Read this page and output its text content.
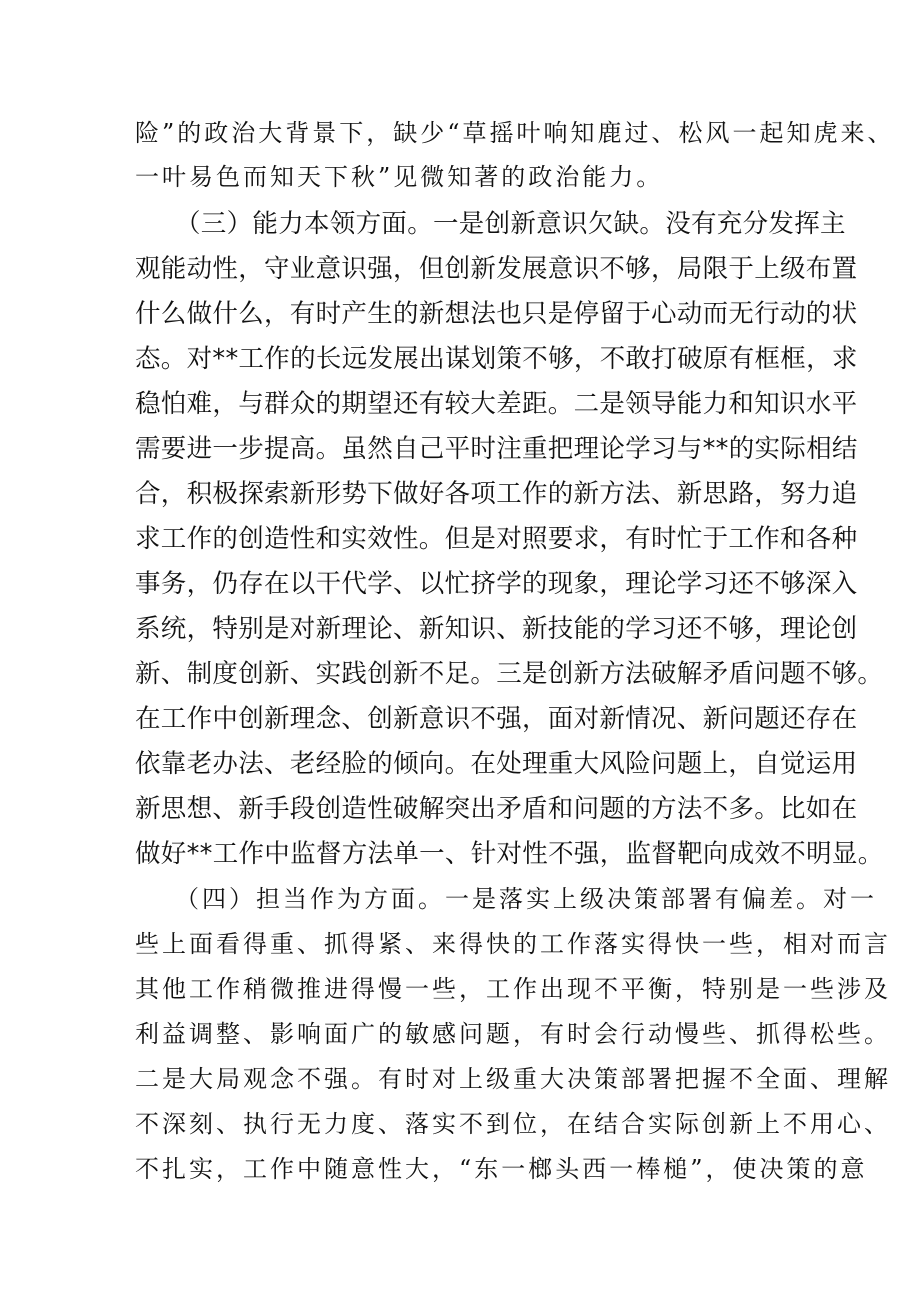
险”的政治大背景下，缺少“草摇叶响知鹿过、松风一起知虎来、
一叶易色而知天下秋”见微知著的政治能力。
（三）能力本领方面。一是创新意识欠缺。没有充分发挥主
观能动性，守业意识强，但创新发展意识不够，局限于上级布置
什么做什么，有时产生的新想法也只是停留于心动而无行动的状
态。对**工作的长远发展出谋划策不够，不敢打破原有框框，求
稳怕难，与群众的期望还有较大差距。二是领导能力和知识水平
需要进一步提高。虽然自己平时注重把理论学习与**的实际相结
合，积极探索新形势下做好各项工作的新方法、新思路，努力追
求工作的创造性和实效性。但是对照要求，有时忙于工作和各种
事务，仍存在以干代学、以忙挤学的现象，理论学习还不够深入
系统，特别是对新理论、新知识、新技能的学习还不够，理论创
新、制度创新、实践创新不足。三是创新方法破解矛盾问题不够。
在工作中创新理念、创新意识不强，面对新情况、新问题还存在
依靠老办法、老经脸的倾向。在处理重大风险问题上，自觉运用
新思想、新手段创造性破解突出矛盾和问题的方法不多。比如在
做好**工作中监督方法单一、针对性不强，监督靶向成效不明显。
（四）担当作为方面。一是落实上级决策部署有偏差。对一
些上面看得重、抓得紧、来得快的工作落实得快一些，相对而言
其他工作稍微推进得慢一些，工作出现不平衡，特别是一些涉及
利益调整、影响面广的敏感问题，有时会行动慢些、抓得松些。
二是大局观念不强。有时对上级重大决策部署把握不全面、理解
不深刻、执行无力度、落实不到位，在结合实际创新上不用心、
不扎实，工作中随意性大，“东一榔头西一棒槌”，使决策的意
